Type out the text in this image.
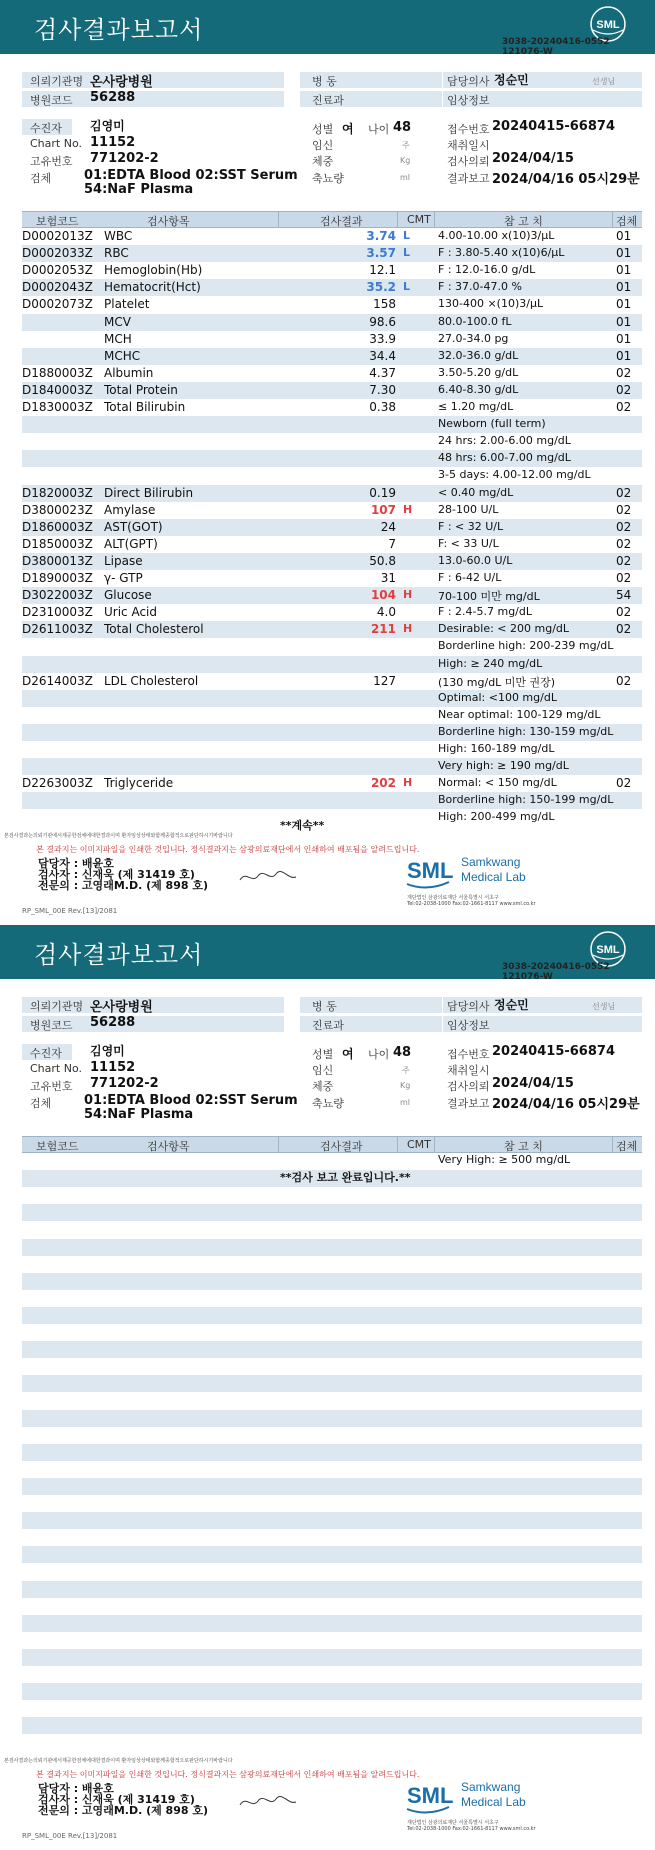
검사결과보고서	SML
3038-20240416-0552
121076-W
의뢰기관명 온사랑병원	병 동	담당의사 정순민	선생님
병원코드 56288	진료과	임상정보
수진자 김영미	성별 여 나이 48	접수번호 20240415-66874
Chart No. 11152	임신	주	채취일시
고유번호 771202-2	체중	Kg	검사의뢰 2024/04/15
검체	01:EDTA Blood 02:SST Serum
54:NaF Plasma
축뇨량	ml	결과보고 2024/04/16 05시29분
보험코드	검사항목	검사결과	CMT	참 고 치	검체
D0002013Z WBC	3.74 L	4.00-10.00 x(10)3/μL	01
D0002033Z RBC	3.57 L	F : 3.80-5.40 x(10)6/μL	01
D0002053Z Hemoglobin(Hb)	12.1	F : 12.0-16.0 g/dL	01
D0002043Z Hematocrit(Hct)	35.2 L	F : 37.0-47.0 %	01
D0002073Z Platelet	158	130-400 ×(10)3/μL	01
MCV	98.6	80.0-100.0 fL	01
MCH	33.9	27.0-34.0 pg	01
MCHC	34.4	32.0-36.0 g/dL	01
D1880003Z Albumin	4.37	3.50-5.20 g/dL	02
D1840003Z Total Protein	7.30	6.40-8.30 g/dL	02
D1830003Z Total Bilirubin	0.38	≤ 1.20 mg/dL	02
Newborn (full term)
24 hrs: 2.00-6.00 mg/dL
48 hrs: 6.00-7.00 mg/dL
3-5 days: 4.00-12.00 mg/dL
D1820003Z Direct Bilirubin	0.19	< 0.40 mg/dL	02
D3800023Z Amylase	107 H 28-100 U/L	02
D1860003Z AST(GOT)	24	F : < 32 U/L	02
D1850003Z ALT(GPT)	7	F: < 33 U/L	02
D3800013Z Lipase	50.8	13.0-60.0 U/L	02
D1890003Z γ- GTP	31	F : 6-42 U/L	02
D3022003Z Glucose	104 H 70-100 미만 mg/dL	54
D2310003Z Uric Acid	4.0	F : 2.4-5.7 mg/dL	02
D2611003Z Total Cholesterol	211 H Desirable: < 200 mg/dL	02
Borderline high: 200-239 mg/dL
High: ≥ 240 mg/dL
D2614003Z LDL Cholesterol	127	(130 mg/dL 미만 권장)	02
Optimal: <100 mg/dL
Near optimal: 100-129 mg/dL
Borderline high: 130-159 mg/dL
High: 160-189 mg/dL
Very high: ≥ 190 mg/dL
D2263003Z Triglyceride	202 H Normal: < 150 mg/dL	02
Borderline high: 150-199 mg/dL
High: 200-499 mg/dL
**계속**
본검사결과는의뢰기관에서제공한검체에대한결과이며 환자임상상태와함께종합적으로판단하시기바랍니다
본 결과지는 이미지파일을 인쇄한 것입니다. 정식결과지는 삼광의료재단에서 인쇄하여 배포됨을 알려드립니다.
담당자 : 배윤호
검사자 : 신재욱 (제 31419 호)
전문의 : 고영래M.D. (제 898 호)
SML Samkwang
Medical Lab
재단법인 삼광의료재단 서울특별시 서초구
Tel:02-2038-1000 Fax:02-1661-8117 www.sml.co.kr
RP_SML_00E Rev.[13]/2081
검사결과보고서	SML
3038-20240416-0552
121076-W
의뢰기관명 온사랑병원	병 동	담당의사 정순민	선생님
병원코드 56288	진료과	임상정보
수진자 김영미	성별 여 나이 48	접수번호 20240415-66874
Chart No. 11152	임신	주	채취일시
고유번호 771202-2	체중	Kg	검사의뢰 2024/04/15
검체	01:EDTA Blood 02:SST Serum
54:NaF Plasma
축뇨량	ml	결과보고 2024/04/16 05시29분
보험코드	검사항목	검사결과	CMT	참 고 치	검체
Very High: ≥ 500 mg/dL
**검사 보고 완료입니다.**
본검사결과는의뢰기관에서제공한검체에대한결과이며 환자임상상태와함께종합적으로판단하시기바랍니다
본 결과지는 이미지파일을 인쇄한 것입니다. 정식결과지는 삼광의료재단에서 인쇄하여 배포됨을 알려드립니다.
담당자 : 배윤호
검사자 : 신재욱 (제 31419 호)
전문의 : 고영래M.D. (제 898 호)
SML Samkwang
Medical Lab
재단법인 삼광의료재단 서울특별시 서초구
Tel:02-2038-1000 Fax:02-1661-8117 www.sml.co.kr
RP_SML_00E Rev.[13]/2081
